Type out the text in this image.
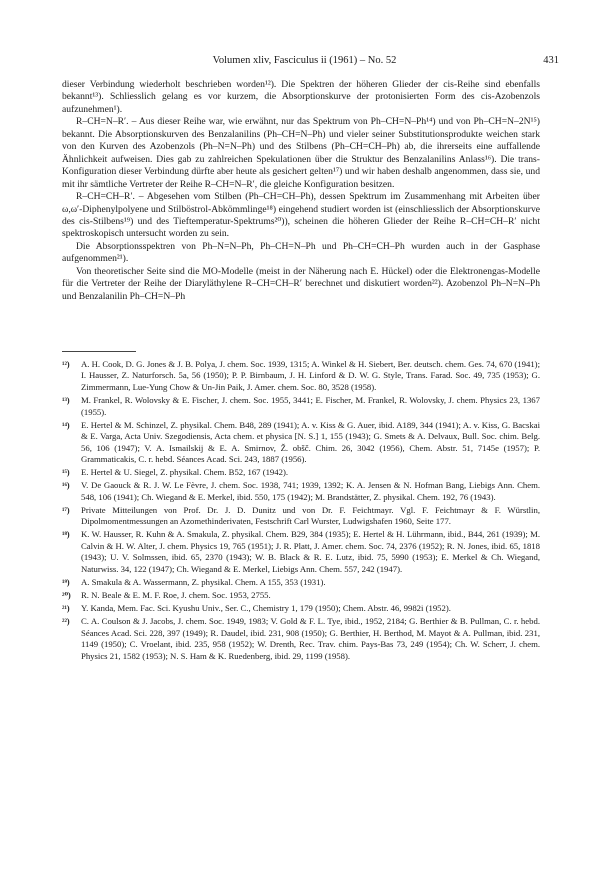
Volumen xliv, Fasciculus ii (1961) – No. 52	431

dieser Verbindung wiederholt beschrieben worden¹²). Die Spektren der höheren Glieder der cis-Reihe sind ebenfalls bekannt¹³). Schliesslich gelang es vor kurzem, die Absorptionskurve der protonisierten Form des cis-Azobenzols aufzunehmen¹).

R–CH=N–R′. – Aus dieser Reihe war, wie erwähnt, nur das Spektrum von Ph–CH=N–Ph¹⁴) und von Ph–CH=N–2N¹⁵) bekannt. Die Absorptionskurven des Benzalanilins (Ph–CH=N–Ph) und vieler seiner Substitutionsprodukte weichen stark von den Kurven des Azobenzols (Ph–N=N–Ph) und des Stilbens (Ph–CH=CH–Ph) ab, die ihrerseits eine auffallende Ähnlichkeit aufweisen. Dies gab zu zahlreichen Spekulationen über die Struktur des Benzalanilins Anlass¹⁶). Die trans-Konfiguration dieser Verbindung dürfte aber heute als gesichert gelten¹⁷) und wir haben deshalb angenommen, dass sie, und mit ihr sämtliche Vertreter der Reihe R–CH=N–R′, die gleiche Konfiguration besitzen.

R–CH=CH–R′. – Abgesehen vom Stilben (Ph–CH=CH–Ph), dessen Spektrum im Zusammenhang mit Arbeiten über ω,ω′-Diphenylpolyene und Stilböstrol-Abkömmlinge¹⁸) eingehend studiert worden ist (einschliesslich der Absorptionskurve des cis-Stilbens¹⁹) und des Tieftemperatur-Spektrums²⁰)), scheinen die höheren Glieder der Reihe R–CH=CH–R′ nicht spektroskopisch untersucht worden zu sein.

Die Absorptionsspektren von Ph–N=N–Ph, Ph–CH=N–Ph und Ph–CH=CH–Ph wurden auch in der Gasphase aufgenommen²¹).

Von theoretischer Seite sind die MO-Modelle (meist in der Näherung nach E. Hückel) oder die Elektronengas-Modelle für die Vertreter der Reihe der Diaryläthylene R–CH=CH–R′ berechnet und diskutiert worden²²). Azobenzol Ph–N=N–Ph und Benzalanilin Ph–CH=N–Ph

¹²) A. H. Cook, D. G. Jones & J. B. Polya, J. chem. Soc. 1939, 1315; A. Winkel & H. Siebert, Ber. deutsch. chem. Ges. 74, 670 (1941); I. Hausser, Z. Naturforsch. 5a, 56 (1950); P. P. Birnbaum, J. H. Linford & D. W. G. Style, Trans. Farad. Soc. 49, 735 (1953); G. Zimmermann, Lue-Yung Chow & Un-Jin Paik, J. Amer. chem. Soc. 80, 3528 (1958).

¹³) M. Frankel, R. Wolovsky & E. Fischer, J. chem. Soc. 1955, 3441; E. Fischer, M. Frankel, R. Wolovsky, J. chem. Physics 23, 1367 (1955).

¹⁴) E. Hertel & M. Schinzel, Z. physikal. Chem. B48, 289 (1941); A. v. Kiss & G. Auer, ibid. A189, 344 (1941); A. v. Kiss, G. Bacskai & E. Varga, Acta Univ. Szegodiensis, Acta chem. et physica [N. S.] 1, 155 (1943); G. Smets & A. Delvaux, Bull. Soc. chim. Belg. 56, 106 (1947); V. A. Ismailskij & E. A. Smirnov, Ž. obšč. Chim. 26, 3042 (1956), Chem. Abstr. 51, 7145e (1957); P. Grammaticakis, C. r. hebd. Séances Acad. Sci. 243, 1887 (1956).

¹⁵) E. Hertel & U. Siegel, Z. physikal. Chem. B52, 167 (1942).

¹⁶) V. De Gaouck & R. J. W. Le Fèvre, J. chem. Soc. 1938, 741; 1939, 1392; K. A. Jensen & N. Hofman Bang, Liebigs Ann. Chem. 548, 106 (1941); Ch. Wiegand & E. Merkel, ibid. 550, 175 (1942); M. Brandstätter, Z. physikal. Chem. 192, 76 (1943).

¹⁷) Private Mitteilungen von Prof. Dr. J. D. Dunitz und von Dr. F. Feichtmayr. Vgl. F. Feichtmayr & F. Würstlin, Dipolmomentmessungen an Azomethinderivaten, Festschrift Carl Wurster, Ludwigshafen 1960, Seite 177.

¹⁸) K. W. Hausser, R. Kuhn & A. Smakula, Z. physikal. Chem. B29, 384 (1935); E. Hertel & H. Lührmann, ibid., B44, 261 (1939); M. Calvin & H. W. Alter, J. chem. Physics 19, 765 (1951); J. R. Platt, J. Amer. chem. Soc. 74, 2376 (1952); R. N. Jones, ibid. 65, 1818 (1943); U. V. Solmssen, ibid. 65, 2370 (1943); W. B. Black & R. E. Lutz, ibid. 75, 5990 (1953); E. Merkel & Ch. Wiegand, Naturwiss. 34, 122 (1947); Ch. Wiegand & E. Merkel, Liebigs Ann. Chem. 557, 242 (1947).

¹⁹) A. Smakula & A. Wassermann, Z. physikal. Chem. A 155, 353 (1931).

²⁰) R. N. Beale & E. M. F. Roe, J. chem. Soc. 1953, 2755.

²¹) Y. Kanda, Mem. Fac. Sci. Kyushu Univ., Ser. C., Chemistry 1, 179 (1950); Chem. Abstr. 46, 9982i (1952).

²²) C. A. Coulson & J. Jacobs, J. chem. Soc. 1949, 1983; V. Gold & F. L. Tye, ibid., 1952, 2184; G. Berthier & B. Pullman, C. r. hebd. Séances Acad. Sci. 228, 397 (1949); R. Daudel, ibid. 231, 908 (1950); G. Berthier, H. Berthod, M. Mayot & A. Pullman, ibid. 231, 1149 (1950); C. Vroelant, ibid. 235, 958 (1952); W. Drenth, Rec. Trav. chim. Pays-Bas 73, 249 (1954); Ch. W. Scherr, J. chem. Physics 21, 1582 (1953); N. S. Ham & K. Ruedenberg, ibid. 29, 1199 (1958).
